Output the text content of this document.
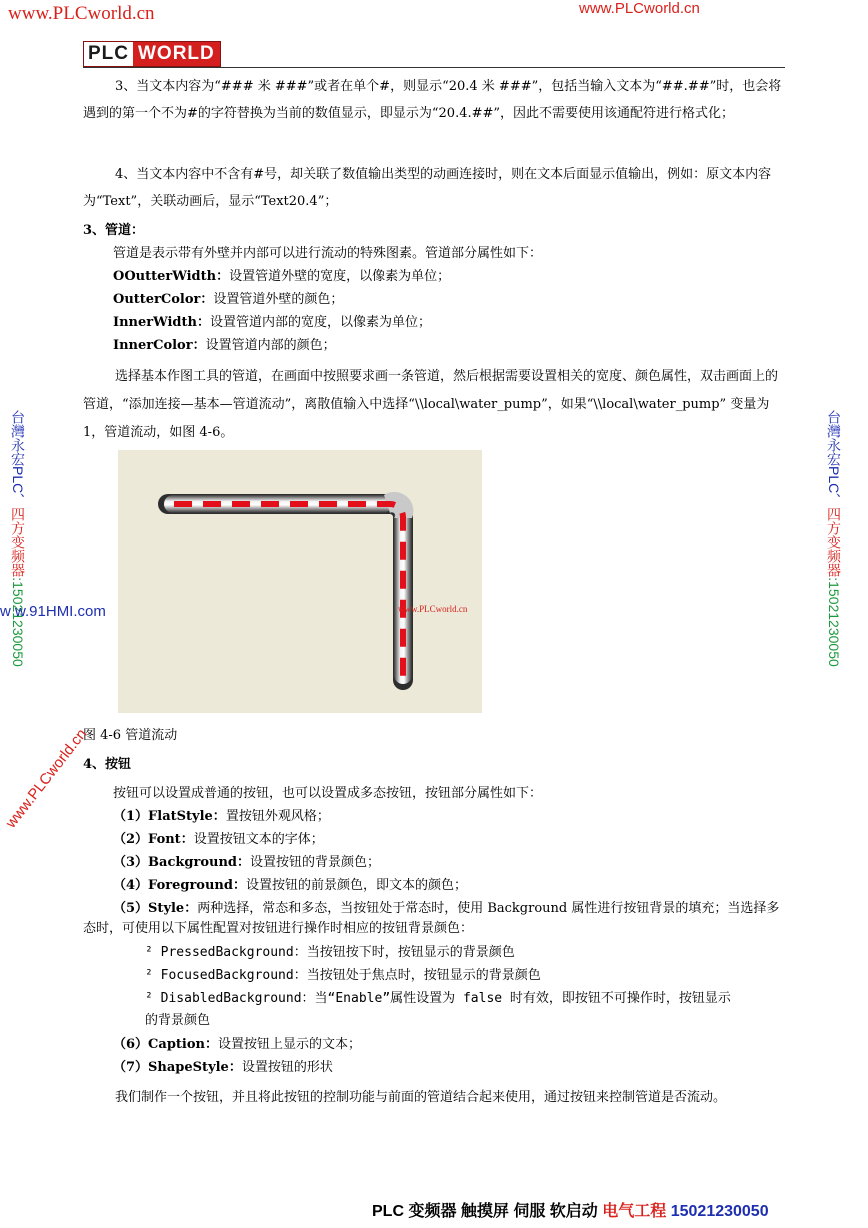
www.PLCworld.cn	www.PLCworld.cn
PLC WORLD
3、当文本内容为“### 米 ###”或者在单个#，则显示“20.4 米 ###”，包括当输入文本为“##.##”时，也会将遇到的第一个不为#的字符替换为当前的数值显示，即显示为“20.4.##”，因此不需要使用该通配符进行格式化；
4、当文本内容中不含有#号，却关联了数值输出类型的动画连接时，则在文本后面显示值输出，例如：原文本内容为“Text”，关联动画后，显示“Text20.4”；
3、管道：
管道是表示带有外壁并内部可以进行流动的特殊图素。管道部分属性如下：
OOutterWidth：设置管道外壁的宽度，以像素为单位；
OutterColor：设置管道外壁的颜色；
InnerWidth：设置管道内部的宽度，以像素为单位；
InnerColor：设置管道内部的颜色；
选择基本作图工具的管道，在画面中按照要求画一条管道，然后根据需要设置相关的宽度、颜色属性，双击画面上的管道，“添加连接—基本—管道流动”，离散值输入中选择“\\local\water_pump”，如果“\\local\water_pump” 变量为 1，管道流动，如图 4-6。
www.PLCworld.cn
图 4-6 管道流动
4、按钮
按钮可以设置成普通的按钮，也可以设置成多态按钮，按钮部分属性如下：
（1）FlatStyle：置按钮外观风格；
（2）Font：设置按钮文本的字体；
（3）Background：设置按钮的背景颜色；
（4）Foreground：设置按钮的前景颜色，即文本的颜色；
（5）Style：两种选择，常态和多态，当按钮处于常态时，使用 Background 属性进行按钮背景的填充；当选择多态时，可使用以下属性配置对按钮进行操作时相应的按钮背景颜色：
² PressedBackground：当按钮按下时，按钮显示的背景颜色
² FocusedBackground：当按钮处于焦点时，按钮显示的背景颜色
² DisabledBackground：当“Enable”属性设置为 false 时有效，即按钮不可操作时，按钮显示
的背景颜色
（6）Caption：设置按钮上显示的文本；
（7）ShapeStyle：设置按钮的形状
我们制作一个按钮，并且将此按钮的控制功能与前面的管道结合起来使用，通过按钮来控制管道是否流动。
台灣永宏PLC、四方变频器:15021230050
台灣永宏PLC、四方变频器:15021230050
w w.91HMI.com
www.PLCworld.cn
PLC 变频器 触摸屏 伺服 软启动 电气工程 15021230050
